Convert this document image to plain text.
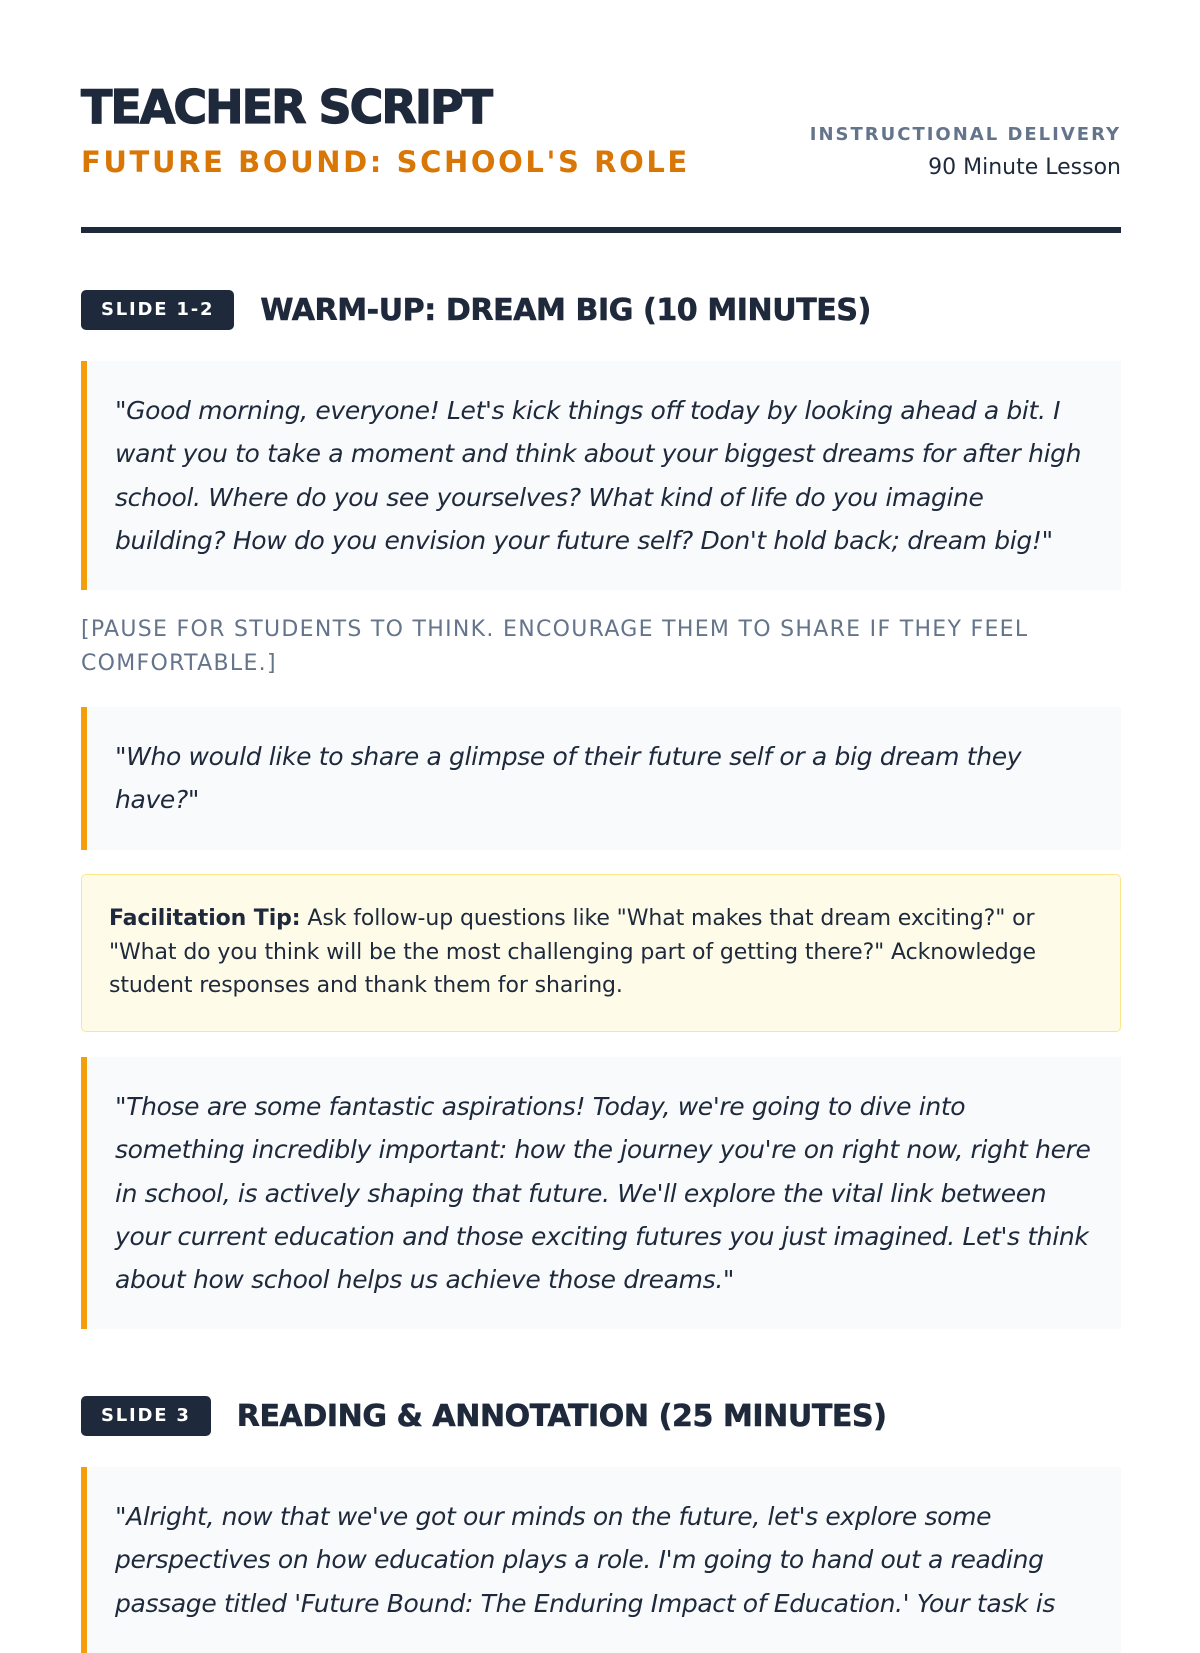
TEACHER SCRIPT
FUTURE BOUND: SCHOOL'S ROLE
INSTRUCTIONAL DELIVERY
90 Minute Lesson
SLIDE 1-2	WARM-UP: DREAM BIG (10 MINUTES)
"Good morning, everyone! Let's kick things off today by looking ahead a bit. I want you to take a moment and think about your biggest dreams for after high school. Where do you see yourselves? What kind of life do you imagine building? How do you envision your future self? Don't hold back; dream big!"
[PAUSE FOR STUDENTS TO THINK. ENCOURAGE THEM TO SHARE IF THEY FEEL COMFORTABLE.]
"Who would like to share a glimpse of their future self or a big dream they have?"
Facilitation Tip: Ask follow-up questions like "What makes that dream exciting?" or "What do you think will be the most challenging part of getting there?" Acknowledge student responses and thank them for sharing.
"Those are some fantastic aspirations! Today, we're going to dive into something incredibly important: how the journey you're on right now, right here in school, is actively shaping that future. We'll explore the vital link between your current education and those exciting futures you just imagined. Let's think about how school helps us achieve those dreams."
SLIDE 3	READING & ANNOTATION (25 MINUTES)
"Alright, now that we've got our minds on the future, let's explore some perspectives on how education plays a role. I'm going to hand out a reading passage titled 'Future Bound: The Enduring Impact of Education.' Your task is
